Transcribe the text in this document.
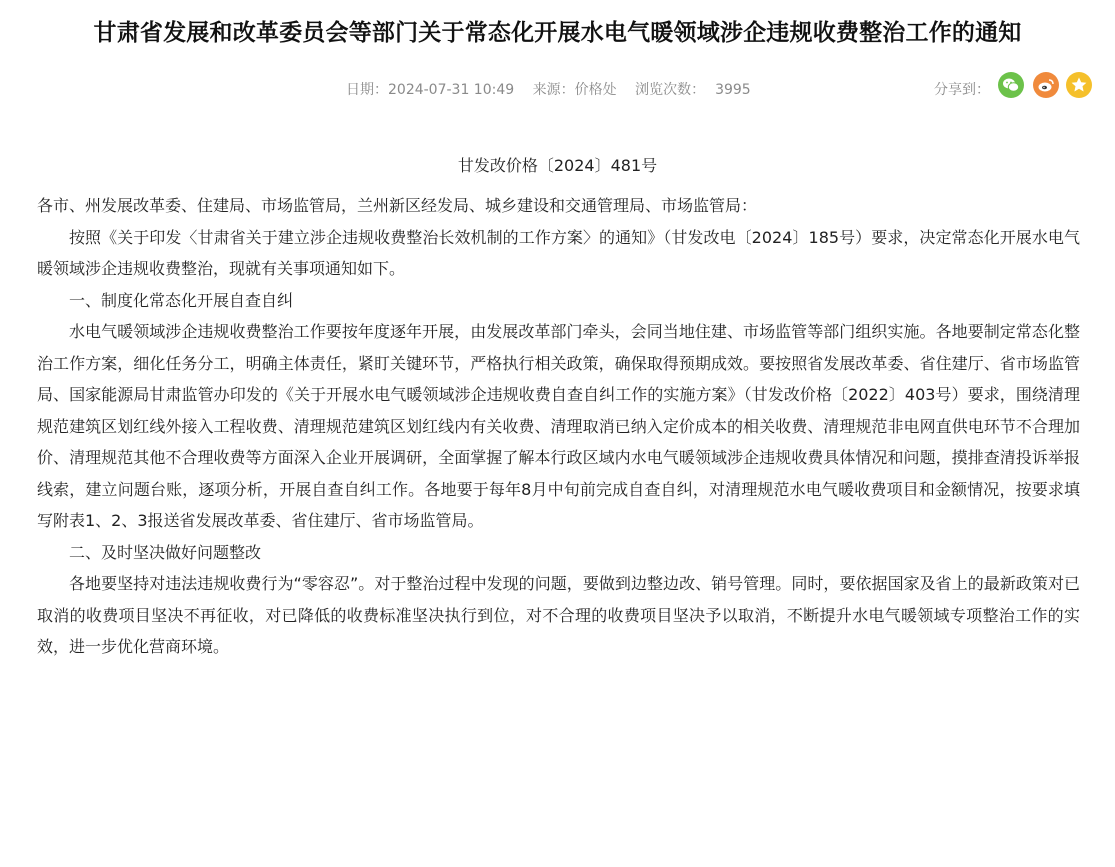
甘肃省发展和改革委员会等部门关于常态化开展水电气暖领域涉企违规收费整治工作的通知
日期：2024-07-31 10:49 来源：价格处 浏览次数： 3995	分享到：
甘发改价格〔2024〕481号

各市、州发展改革委、住建局、市场监管局，兰州新区经发局、城乡建设和交通管理局、市场监管局：

按照《关于印发〈甘肃省关于建立涉企违规收费整治长效机制的工作方案〉的通知》（甘发改电〔2024〕185号）要求，决定常态化开展水电气暖领域涉企违规收费整治，现就有关事项通知如下。

一、制度化常态化开展自查自纠

水电气暖领域涉企违规收费整治工作要按年度逐年开展，由发展改革部门牵头，会同当地住建、市场监管等部门组织实施。各地要制定常态化整治工作方案，细化任务分工，明确主体责任，紧盯关键环节，严格执行相关政策，确保取得预期成效。要按照省发展改革委、省住建厅、省市场监管局、国家能源局甘肃监管办印发的《关于开展水电气暖领域涉企违规收费自查自纠工作的实施方案》（甘发改价格〔2022〕403号）要求，围绕清理规范建筑区划红线外接入工程收费、清理规范建筑区划红线内有关收费、清理取消已纳入定价成本的相关收费、清理规范非电网直供电环节不合理加价、清理规范其他不合理收费等方面深入企业开展调研，全面掌握了解本行政区域内水电气暖领域涉企违规收费具体情况和问题，摸排查清投诉举报线索，建立问题台账，逐项分析，开展自查自纠工作。各地要于每年8月中旬前完成自查自纠，对清理规范水电气暖收费项目和金额情况，按要求填写附表1、2、3报送省发展改革委、省住建厅、省市场监管局。

二、及时坚决做好问题整改

各地要坚持对违法违规收费行为“零容忍”。对于整治过程中发现的问题，要做到边整边改、销号管理。同时，要依据国家及省上的最新政策对已取消的收费项目坚决不再征收，对已降低的收费标准坚决执行到位，对不合理的收费项目坚决予以取消，不断提升水电气暖领域专项整治工作的实效，进一步优化营商环境。
